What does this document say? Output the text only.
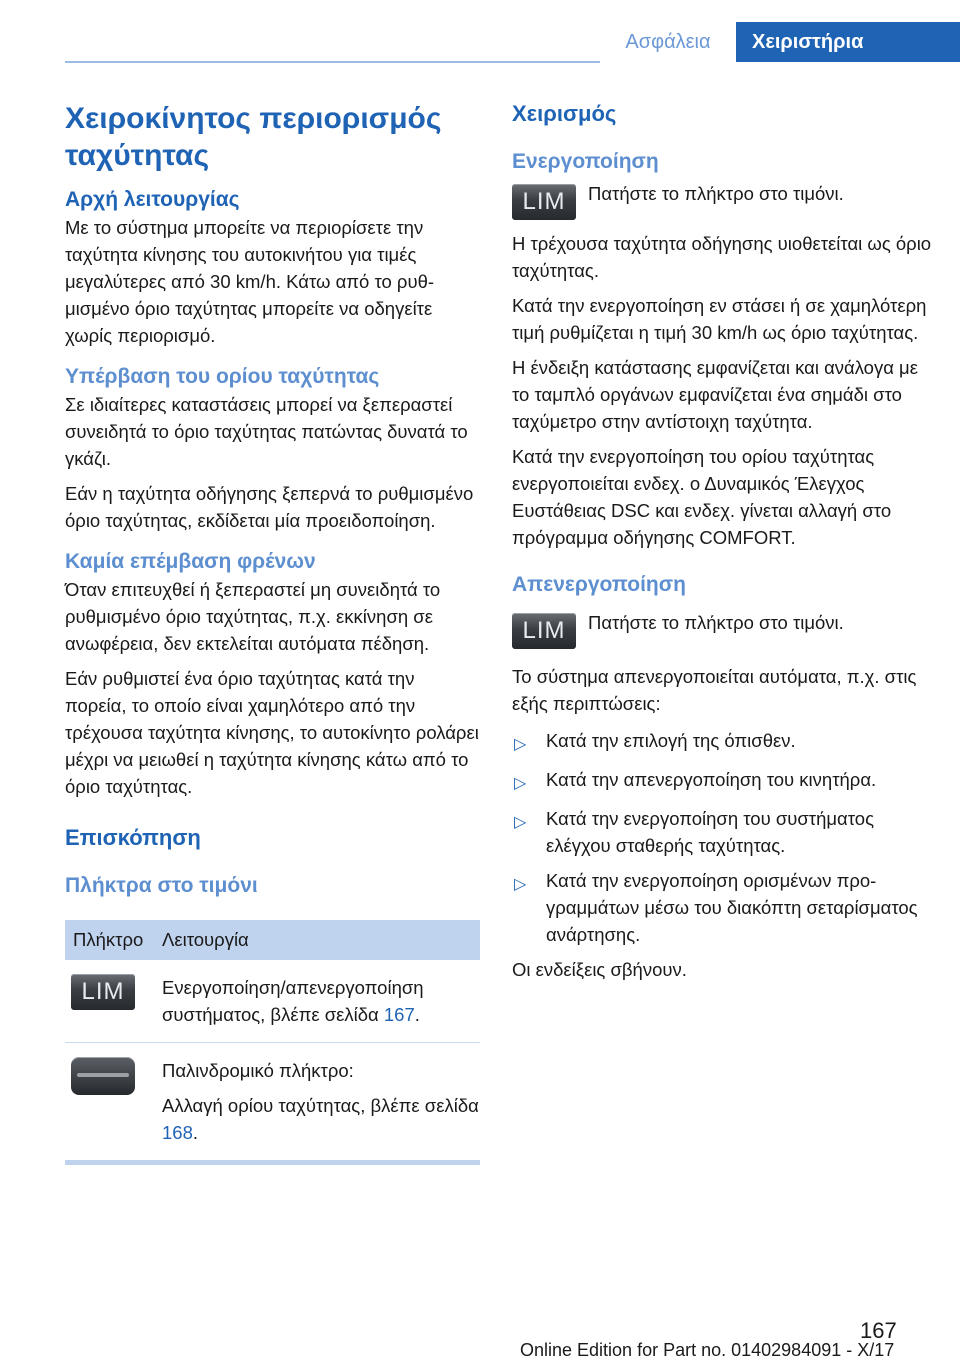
Ασφάλεια	Χειριστήρια
Χειροκίνητος περιορισμός ταχύτητας
Αρχή λειτουργίας

Με το σύστημα μπορείτε να περιορίσετε την ταχύτητα κίνησης του αυτοκινήτου για τιμές μεγαλύτερες από 30 km/h. Κάτω από το ρυθμισμένο όριο ταχύτητας μπορείτε να οδηγείτε χωρίς περιορισμό.

Υπέρβαση του ορίου ταχύτητας

Σε ιδιαίτερες καταστάσεις μπορεί να ξεπεραστεί συνειδητά το όριο ταχύτητας πατώντας δυνατά το γκάζι.

Εάν η ταχύτητα οδήγησης ξεπερνά το ρυθμισμένο όριο ταχύτητας, εκδίδεται μία προειδοποίηση.

Καμία επέμβαση φρένων

Όταν επιτευχθεί ή ξεπεραστεί μη συνειδητά το ρυθμισμένο όριο ταχύτητας, π.χ. εκκίνηση σε ανωφέρεια, δεν εκτελείται αυτόματα πέδηση.

Εάν ρυθμιστεί ένα όριο ταχύτητας κατά την πορεία, το οποίο είναι χαμηλότερο από την τρέχουσα ταχύτητα κίνησης, το αυτοκίνητο ρολάρει μέχρι να μειωθεί η ταχύτητα κίνησης κάτω από το όριο ταχύτητας.

Επισκόπηση
Πλήκτρα στο τιμόνι
Πλήκτρο	Λειτουργία
LIM	Ενεργοποίηση/απενεργοποίηση συστήματος, βλέπε σελίδα 167.

Παλινδρομικό πλήκτρο:

Αλλαγή ορίου ταχύτητας, βλέπε σελίδα 168.

Χειρισμός
Ενεργοποίηση
LIM	Πατήστε το πλήκτρο στο τιμόνι.

Η τρέχουσα ταχύτητα οδήγησης υιοθετείται ως όριο ταχύτητας.

Κατά την ενεργοποίηση εν στάσει ή σε χαμηλότερη τιμή ρυθμίζεται η τιμή 30 km/h ως όριο ταχύτητας.

Η ένδειξη κατάστασης εμφανίζεται και ανάλογα με το ταμπλό οργάνων εμφανίζεται ένα σημάδι στο ταχύμετρο στην αντίστοιχη ταχύτητα.

Κατά την ενεργοποίηση του ορίου ταχύτητας ενεργοποιείται ενδεχ. ο Δυναμικός Έλεγχος Ευστάθειας DSC και ενδεχ. γίνεται αλλαγή στο πρόγραμμα οδήγησης COMFORT.

Απενεργοποίηση
LIM	Πατήστε το πλήκτρο στο τιμόνι.

Το σύστημα απενεργοποιείται αυτόματα, π.χ. στις εξής περιπτώσεις:

▷	Κατά την επιλογή της όπισθεν.
▷	Κατά την απενεργοποίηση του κινητήρα.
▷	Κατά την ενεργοποίηση του συστήματος ελέγχου σταθερής ταχύτητας.
▷	Κατά την ενεργοποίηση ορισμένων προγραμμάτων μέσω του διακόπτη σεταρίσματος ανάρτησης.

Οι ενδείξεις σβήνουν.

167
Online Edition for Part no. 01402984091 - X/17
